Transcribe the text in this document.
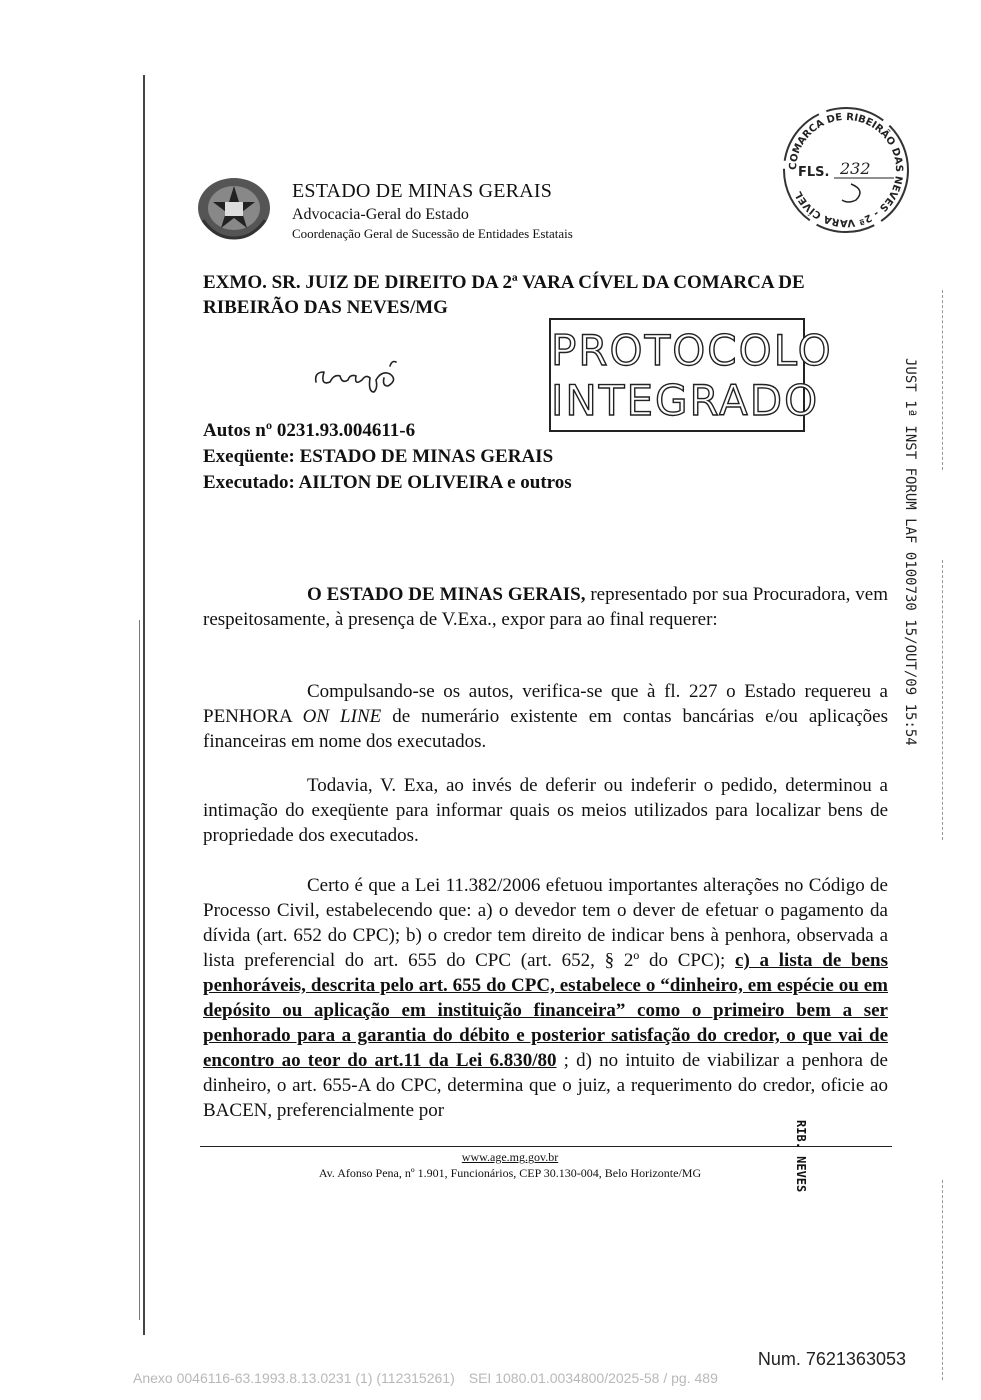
ESTADO DE MINAS GERAIS
Advocacia-Geral do Estado
Coordenação Geral de Sucessão de Entidades Estatais
COMARCA DE RIBEIRÃO DAS NEVES - 2ª VARA CÍVEL
FLS. 232
EXMO. SR. JUIZ DE DIREITO DA 2ª VARA CÍVEL DA COMARCA DE
RIBEIRÃO DAS NEVES/MG
PROTOCOLO
INTEGRADO	JUST 1ª INST FORUM LAF 0100730 15/OUT/09 15:54
Autos nº 0231.93.004611-6
Exeqüente: ESTADO DE MINAS GERAIS
Executado: AILTON DE OLIVEIRA e outros
O ESTADO DE MINAS GERAIS, representado por sua Procuradora, vem respeitosamente, à presença de V.Exa., expor para ao final requerer:
Compulsando-se os autos, verifica-se que à fl. 227 o Estado requereu a PENHORA ON LINE de numerário existente em contas bancárias e/ou aplicações financeiras em nome dos executados.
Todavia, V. Exa, ao invés de deferir ou indeferir o pedido, determinou a intimação do exeqüente para informar quais os meios utilizados para localizar bens de propriedade dos executados.
Certo é que a Lei 11.382/2006 efetuou importantes alterações no Código de Processo Civil, estabelecendo que: a) o devedor tem o dever de efetuar o pagamento da dívida (art. 652 do CPC); b) o credor tem direito de indicar bens à penhora, observada a lista preferencial do art. 655 do CPC (art. 652, § 2º do CPC); c) a lista de bens penhoráveis, descrita pelo art. 655 do CPC, estabelece o “dinheiro, em espécie ou em depósito ou aplicação em instituição financeira” como o primeiro bem a ser penhorado para a garantia do débito e posterior satisfação do credor, o que vai de encontro ao teor do art.11 da Lei 6.830/80 ; d) no intuito de viabilizar a penhora de dinheiro, o art. 655-A do CPC, determina que o juiz, a requerimento do credor, oficie ao BACEN, preferencialmente por
www.age.mg.gov.br
Av. Afonso Pena, nº 1.901, Funcionários, CEP 30.130-004, Belo Horizonte/MG	RIB. NEVES
Num. 7621363053
Anexo 0046116-63.1993.8.13.0231 (1) (112315261) SEI 1080.01.0034800/2025-58 / pg. 489
